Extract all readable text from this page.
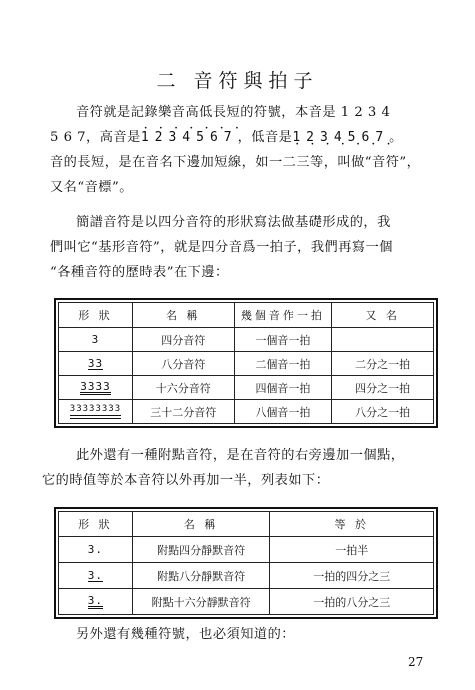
二 音符與拍子
音符就是記錄樂音高低長短的符號，本音是 1 2 3 4
5 6 7，高音是• • • 1234567，低音是1234567 • • •。
音的長短，是在音名下邊加短線，如一二三等，叫做“音符”，
又名“音標”。
簡譜音符是以四分音符的形狀寫法做基礎形成的，我
們叫它“基形音符”，就是四分音爲一拍子，我們再寫一個
“各種音符的歷時表”在下邊：
形 狀	名 稱	幾個音作一拍	又 名
3	四分音符	一個音一拍	
33	八分音符	二個音一拍	二分之一拍
3333	十六分音符	四個音一拍	四分之一拍
33333333	三十二分音符	八個音一拍	八分之一拍
此外還有一種附點音符，是在音符的右旁邊加一個點，
它的時值等於本音符以外再加一半，列表如下：
形 狀	名 稱	等 於
3.	附點四分靜默音符	一拍半
3.	附點八分靜默音符	一拍的四分之三
3.	附點十六分靜默音符	一拍的八分之三
另外還有幾種符號，也必須知道的：
27
